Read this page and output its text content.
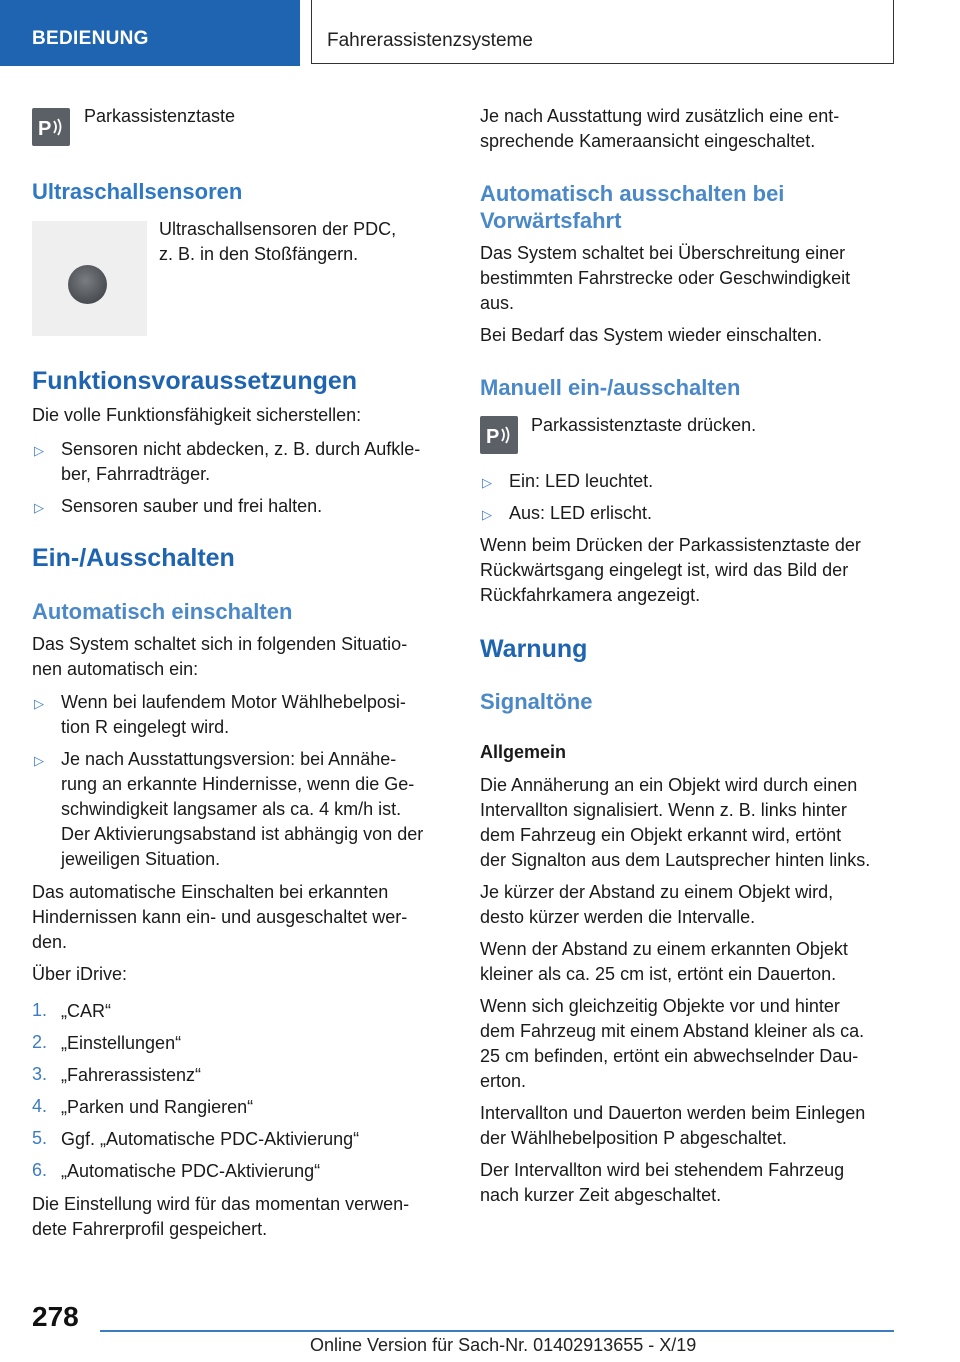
BEDIENUNG	Fahrerassistenzsysteme
P

Parkassistenztaste

Ultraschallsensoren

Ultraschallsensoren der PDC,

z. B. in den Stoßfängern.

Funktionsvoraussetzungen

Die volle Funktionsfähigkeit sicherstellen:

▷ Sensoren nicht abdecken, z. B. durch Aufkle-

ber, Fahrradträger.

▷ Sensoren sauber und frei halten.

Ein-/Ausschalten
Automatisch einschalten

Das System schaltet sich in folgenden Situatio-

nen automatisch ein:

▷ Wenn bei laufendem Motor Wählhebelposi-

tion R eingelegt wird.

▷ Je nach Ausstattungsversion: bei Annähe-

rung an erkannte Hindernisse, wenn die Ge-

schwindigkeit langsamer als ca. 4 km/h ist.

Der Aktivierungsabstand ist abhängig von der

jeweiligen Situation.

Das automatische Einschalten bei erkannten

Hindernissen kann ein- und ausgeschaltet wer-

den.

Über iDrive:

1. „CAR“

2. „Einstellungen“

3. „Fahrerassistenz“

4. „Parken und Rangieren“

5. Ggf. „Automatische PDC-Aktivierung“

6. „Automatische PDC-Aktivierung“

Die Einstellung wird für das momentan verwen-

dete Fahrerprofil gespeichert.

Je nach Ausstattung wird zusätzlich eine ent-

sprechende Kameraansicht eingeschaltet.

Automatisch ausschalten bei
Vorwärtsfahrt

Das System schaltet bei Überschreitung einer

bestimmten Fahrstrecke oder Geschwindigkeit

aus.

Bei Bedarf das System wieder einschalten.

Manuell ein-/ausschalten
P

Parkassistenztaste drücken.

▷ Ein: LED leuchtet.

▷ Aus: LED erlischt.

Wenn beim Drücken der Parkassistenztaste der

Rückwärtsgang eingelegt ist, wird das Bild der

Rückfahrkamera angezeigt.

Warnung
Signaltöne
Allgemein

Die Annäherung an ein Objekt wird durch einen

Intervallton signalisiert. Wenn z. B. links hinter

dem Fahrzeug ein Objekt erkannt wird, ertönt

der Signalton aus dem Lautsprecher hinten links.

Je kürzer der Abstand zu einem Objekt wird,

desto kürzer werden die Intervalle.

Wenn der Abstand zu einem erkannten Objekt

kleiner als ca. 25 cm ist, ertönt ein Dauerton.

Wenn sich gleichzeitig Objekte vor und hinter

dem Fahrzeug mit einem Abstand kleiner als ca.

25 cm befinden, ertönt ein abwechselnder Dau-

erton.

Intervallton und Dauerton werden beim Einlegen

der Wählhebelposition P abgeschaltet.

Der Intervallton wird bei stehendem Fahrzeug

nach kurzer Zeit abgeschaltet.

278
Online Version für Sach-Nr. 01402913655 - X/19
